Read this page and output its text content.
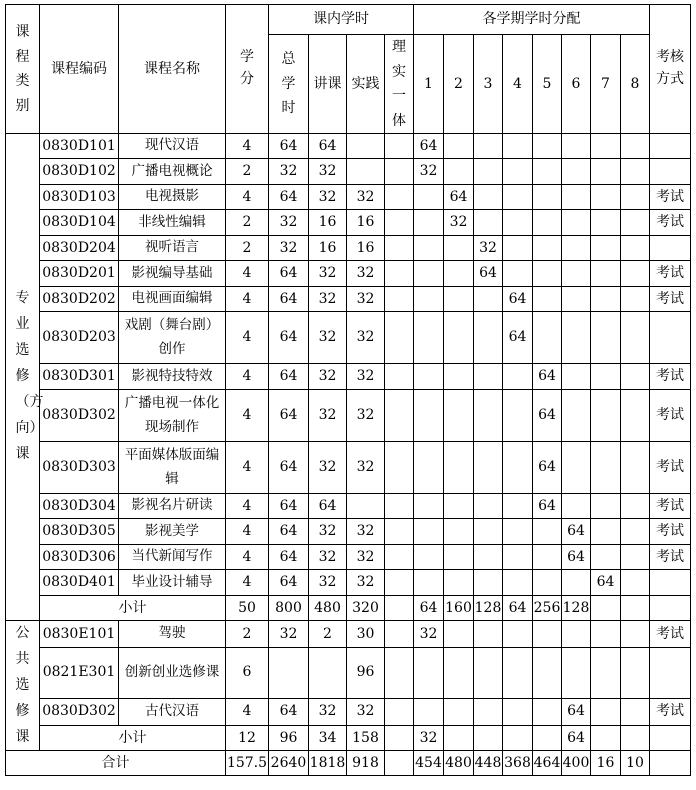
课程类别	课程编码	课程名称	学分	课内学时				各学期学时分配								考核方式
				总学时	讲课	实践	理实一体	1	2	3	4	5	6	7	8	
专业选修（方向）课	0830D101	现代汉语	4	64	64			64								
	0830D102	广播电视概论	2	32	32			32								
	0830D103	电视摄影	4	64	32	32			64							考试
	0830D104	非线性编辑	2	32	16	16			32							考试
	0830D204	视听语言	2	32	16	16				32						
	0830D201	影视编导基础	4	64	32	32				64						考试
	0830D202	电视画面编辑	4	64	32	32					64					考试
	0830D203	戏剧（舞台剧）创作	4	64	32	32					64					
	0830D301	影视特技特效	4	64	32	32						64				考试
	0830D302	广播电视一体化现场制作	4	64	32	32						64				考试
	0830D303	平面媒体版面编辑	4	64	32	32						64				考试
	0830D304	影视名片研读	4	64	64							64				考试
	0830D305	影视美学	4	64	32	32							64			考试
	0830D306	当代新闻写作	4	64	32	32							64			考试
	0830D401	毕业设计辅导	4	64	32	32								64		
	小计		50	800	480	320		64	160	128	64	256	128			
公共选修课	0830E101	驾驶	2	32	2	30		32								考试
	0821E301	创新创业选修课	6			96										
	0830D302	古代汉语	4	64	32	32							64			考试
	小计		12	96	34	158		32					64			
合计			157.5	2640	1818	918		454	480	448	368	464	400	16	10	
